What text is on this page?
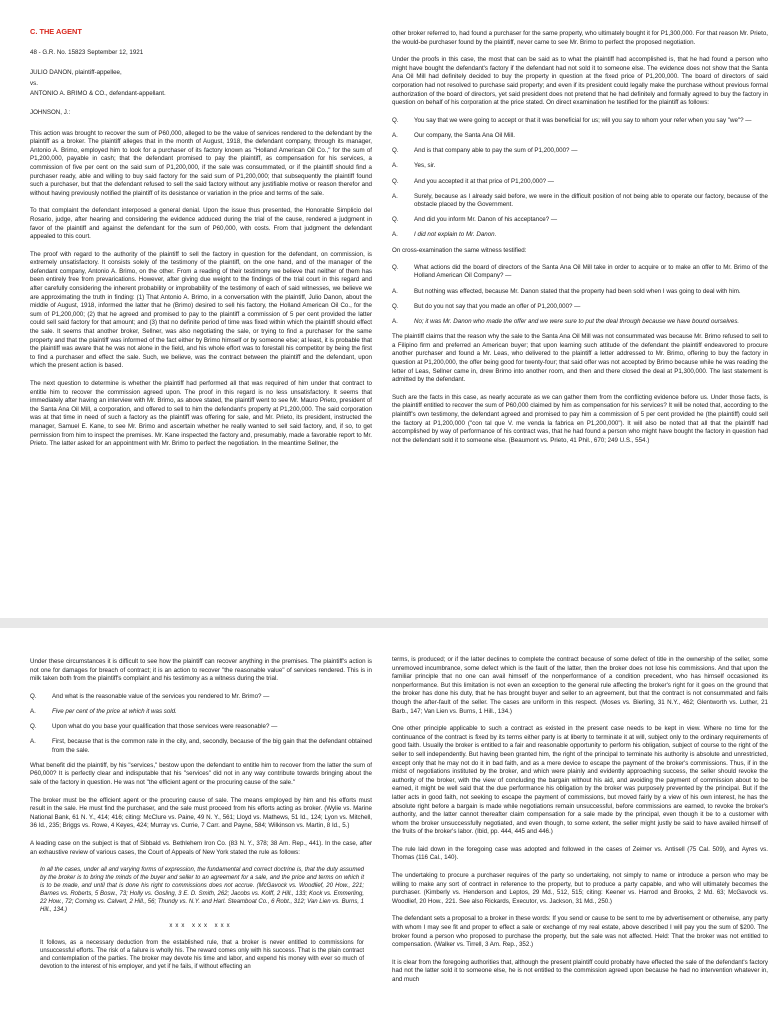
C. THE AGENT

48 - G.R. No. 15823 September 12, 1921

JULIO DANON, plaintiff-appellee,

vs.

ANTONIO A. BRIMO & CO., defendant-appellant.

JOHNSON, J.:

This action was brought to recover the sum of P60,000, alleged to be the value of services rendered to the defendant by the plaintiff as a broker. The plaintiff alleges that in the month of August, 1918, the defendant company, through its manager, Antonio A. Brimo, employed him to look for a purchaser of its factory known as "Holland American Oil Co.," for the sum of P1,200,000, payable in cash; that the defendant promised to pay the plaintiff, as compensation for his services, a commission of five per cent on the said sum of P1,200,000, if the sale was consummated, or if the plaintiff should find a purchaser ready, able and willing to buy said factory for the said sum of P1,200,000; that subsequently the plaintiff found such a purchaser, but that the defendant refused to sell the said factory without any justifiable motive or reason therefor and without having previously notified the plaintiff of its desistance or variation in the price and terms of the sale.

To that complaint the defendant interposed a general denial. Upon the issue thus presented, the Honorable Simplicio del Rosario, judge, after hearing and considering the evidence adduced during the trial of the cause, rendered a judgment in favor of the plaintiff and against the defendant for the sum of P60,000, with costs. From that judgment the defendant appealed to this court.

The proof with regard to the authority of the plaintiff to sell the factory in question for the defendant, on commission, is extremely unsatisfactory. It consists solely of the testimony of the plaintiff, on the one hand, and of the manager of the defendant company, Antonio A. Brimo, on the other. From a reading of their testimony we believe that neither of them has been entirely free from prevarications. However, after giving due weight to the findings of the trial court in this regard and after carefully considering the inherent probability or improbability of the testimony of each of said witnesses, we believe we are approximating the truth in finding: (1) That Antonio A. Brimo, in a conversation with the plaintiff, Julio Danon, about the middle of August, 1918, informed the latter that he (Brimo) desired to sell his factory, the Holland American Oil Co., for the sum of P1,200,000; (2) that he agreed and promised to pay to the plaintiff a commission of 5 per cent provided the latter could sell said factory for that amount; and (3) that no definite period of time was fixed within which the plaintiff should effect the sale. It seems that another broker, Sellner, was also negotiating the sale, or trying to find a purchaser for the same property and that the plaintiff was informed of the fact either by Brimo himself or by someone else; at least, it is probable that the plaintiff was aware that he was not alone in the field, and his whole effort was to forestall his competitor by being the first to find a purchaser and effect the sale. Such, we believe, was the contract between the plaintiff and the defendant, upon which the present action is based.

The next question to determine is whether the plaintiff had performed all that was required of him under that contract to entitle him to recover the commission agreed upon. The proof in this regard is no less unsatisfactory. It seems that immediately after having an interview with Mr. Brimo, as above stated, the plaintiff went to see Mr. Mauro Prieto, president of the Santa Ana Oil Mill, a corporation, and offered to sell to him the defendant's property at P1,200,000. The said corporation was at that time in need of such a factory as the plaintiff was offering for sale, and Mr. Prieto, its president, instructed the manager, Samuel E. Kane, to see Mr. Brimo and ascertain whether he really wanted to sell said factory, and, if so, to get permission from him to inspect the premises. Mr. Kane inspected the factory and, presumably, made a favorable report to Mr. Prieto. The latter asked for an appointment with Mr. Brimo to perfect the negotiation. In the meantime Sellner, the

other broker referred to, had found a purchaser for the same property, who ultimately bought it for P1,300,000. For that reason Mr. Prieto, the would-be purchaser found by the plaintiff, never came to see Mr. Brimo to perfect the proposed negotiation.

Under the proofs in this case, the most that can be said as to what the plaintiff had accomplished is, that he had found a person who might have bought the defendant's factory if the defendant had not sold it to someone else. The evidence does not show that the Santa Ana Oil Mill had definitely decided to buy the property in question at the fixed price of P1,200,000. The board of directors of said corporation had not resolved to purchase said property; and even if its president could legally make the purchase without previous formal authorization of the board of directors, yet said president does not pretend that he had definitely and formally agreed to buy the factory in question on behalf of his corporation at the price stated. On direct examination he testified for the plaintiff as follows:

Q.	You say that we were going to accept or that it was beneficial for us; will you say to whom your refer when you say "we"? —
A.	Our company, the Santa Ana Oil Mill.
Q.	And is that company able to pay the sum of P1,200,000? —
A.	Yes, sir.
Q.	And you accepted it at that price of P1,200,000? —
A.	Surely, because as I already said before, we were in the difficult position of not being able to operate our factory, because of the obstacle placed by the Government.
Q.	And did you inform Mr. Danon of his acceptance? —
A.	I did not explain to Mr. Danon.

On cross-examination the same witness testified:

Q.	What actions did the board of directors of the Santa Ana Oil Mill take in order to acquire or to make an offer to Mr. Brimo of the Holland American Oil Company? —
A.	But nothing was effected, because Mr. Danon stated that the property had been sold when I was going to deal with him.
Q.	But do you not say that you made an offer of P1,200,000? —
A.	No; it was Mr. Danon who made the offer and we were sure to put the deal through because we have bound ourselves.

The plaintiff claims that the reason why the sale to the Santa Ana Oil Mill was not consummated was because Mr. Brimo refused to sell to a Filipino firm and preferred an American buyer; that upon learning such attitude of the defendant the plaintiff endeavored to procure another purchaser and found a Mr. Leas, who delivered to the plaintiff a letter addressed to Mr. Brimo, offering to buy the factory in question at P1,200,000, the offer being good for twenty-four; that said offer was not accepted by Brimo because while he was reading the letter of Leas, Sellner came in, drew Brimo into another room, and then and there closed the deal at P1,300,000. The last statement is admitted by the defendant.

Such are the facts in this case, as nearly accurate as we can gather them from the conflicting evidence before us. Under those facts, is the plaintiff entitled to recover the sum of P60,000 claimed by him as compensation for his services? It will be noted that, according to the plaintiff's own testimony, the defendant agreed and promised to pay him a commission of 5 per cent provided he (the plaintiff) could sell the factory at P1,200,000 ("con tal que V. me venda la fabrica en P1,200,000"). It will also be noted that all that the plaintiff had accomplished by way of performance of his contract was, that he had found a person who might have bought the factory in question had not the defendant sold it to someone else. (Beaumont vs. Prieto, 41 Phil., 670; 249 U.S., 554.)

Under these circumstances it is difficult to see how the plaintiff can recover anything in the premises. The plaintiff's action is not one for damages for breach of contract; it is an action to recover "the reasonable value" of services rendered. This is in milk taken both from the plaintiff's complaint and his testimony as a witness during the trial.

Q.	And what is the reasonable value of the services you rendered to Mr. Brimo? —
A.	Five per cent of the price at which it was sold.
Q.	Upon what do you base your qualification that those services were reasonable? —
A.	First, because that is the common rate in the city, and, secondly, because of the big gain that the defendant obtained from the sale.

What benefit did the plaintiff, by his "services," bestow upon the defendant to entitle him to recover from the latter the sum of P60,000? It is perfectly clear and indisputable that his "services" did not in any way contribute towards bringing about the sale of the factory in question. He was not "the efficient agent or the procuring cause of the sale."

The broker must be the efficient agent or the procuring cause of sale. The means employed by him and his efforts must result in the sale. He must find the purchaser, and the sale must proceed from his efforts acting as broker. (Wylie vs. Marine National Bank, 61 N. Y., 414; 416; citing: McClure vs. Paine, 49 N. Y., 561; Lloyd vs. Mathews, 51 Id., 124; Lyon vs. Mitchell, 36 Id., 235; Briggs vs. Rowe, 4 Keyes, 424; Murray vs. Currie, 7 Carr. and Payne, 584; Wilkinson vs. Martin, 8 Id., 5.)

A leading case on the subject is that of Sibbald vs. Bethlehem Iron Co. (83 N. Y., 378; 38 Am. Rep., 441). In the case, after an exhaustive review of various cases, the Court of Appeals of New York stated the rule as follows:

In all the cases, under all and varying forms of expression, the fundamental and correct doctrine is, that the duty assumed by the broker is to bring the minds of the buyer and seller to an agreement for a sale, and the price and terms on which it is to be made, and until that is done his right to commissions does not accrue. (McGavock vs. Woodlief, 20 How., 221; Barnes vs. Roberts, 5 Bosw., 73; Holly vs. Gosling, 3 E. D. Smith, 262; Jacobs vs. Kolff, 2 Hill., 133; Kock vs. Emmerling, 22 How., 72; Corning vs. Calvert, 2 Hill., 56; Thundy vs. N.Y. and Harl. Steamboat Co., 6 Robt., 312; Van Lien vs. Burns, 1 Hill., 134.)

xxx xxx xxx

It follows, as a necessary deduction from the established rule, that a broker is never entitled to commissions for unsuccessful efforts. The risk of a failure is wholly his. The reward comes only with his success. That is the plain contract and contemplation of the parties. The broker may devote his time and labor, and expend his money with ever so much of devotion to the interest of his employer, and yet if he fails, if without effecting an

terms, is produced; or if the latter declines to complete the contract because of some defect of title in the ownership of the seller, some unremoved incumbrance, some defect which is the fault of the latter, then the broker does not lose his commissions. And that upon the familiar principle that no one can avail himself of the nonperformance of a condition precedent, who has himself occasioned its nonperformance. But this limitation is not even an exception to the general rule affecting the broker's right for it goes on the ground that the broker has done his duty, that he has brought buyer and seller to an agreement, but that the contract is not consummated and fails though the after-fault of the seller. The cases are uniform in this respect. (Moses vs. Bierling, 31 N.Y., 462; Glentworth vs. Luther, 21 Barb., 147; Van Lien vs. Burns, 1 Hill., 134.)

One other principle applicable to such a contract as existed in the present case needs to be kept in view. Where no time for the continuance of the contract is fixed by its terms either party is at liberty to terminate it at will, subject only to the ordinary requirements of good faith. Usually the broker is entitled to a fair and reasonable opportunity to perform his obligation, subject of course to the right of the seller to sell independently. But having been granted him, the right of the principal to terminate his authority is absolute and unrestricted, except only that he may not do it in bad faith, and as a mere device to escape the payment of the broker's commissions. Thus, if in the midst of negotiations instituted by the broker, and which were plainly and evidently approaching success, the seller should revoke the authority of the broker, with the view of concluding the bargain without his aid, and avoiding the payment of commission about to be earned, it might be well said that the due performance his obligation by the broker was purposely prevented by the principal. But if the latter acts in good faith, not seeking to escape the payment of commissions, but moved fairly by a view of his own interest, he has the absolute right before a bargain is made while negotiations remain unsuccessful, before commissions are earned, to revoke the broker's authority, and the latter cannot thereafter claim compensation for a sale made by the principal, even though it be to a customer with whom the broker unsuccessfully negotiated, and even though, to some extent, the seller might justly be said to have availed himself of the fruits of the broker's labor. (Ibid, pp. 444, 445 and 446.)

The rule laid down in the foregoing case was adopted and followed in the cases of Zeimer vs. Antisell (75 Cal. 509), and Ayres vs. Thomas (116 Cal., 140).

The undertaking to procure a purchaser requires of the party so undertaking, not simply to name or introduce a person who may be willing to make any sort of contract in reference to the property, but to produce a party capable, and who will ultimately becomes the purchaser. (Kimberly vs. Henderson and Leptos, 29 Md., 512, 515; citing: Keener vs. Harrod and Brooks, 2 Md. 63; McGavock vs. Woodlief, 20 How., 221. See also Rickards, Executor, vs. Jackson, 31 Md., 250.)

The defendant sets a proposal to a broker in these words: If you send or cause to be sent to me by advertisement or otherwise, any party with whom I may see fit and proper to effect a sale or exchange of my real estate, above described I will pay you the sum of $200. The broker found a person who proposed to purchase the property, but the sale was not affected. Held: That the broker was not entitled to compensation. (Walker vs. Tirrell, 3 Am. Rep., 352.)

It is clear from the foregoing authorities that, although the present plaintiff could probably have effected the sale of the defendant's factory had not the latter sold it to someone else, he is not entitled to the commission agreed upon because he had no intervention whatever in, and much
